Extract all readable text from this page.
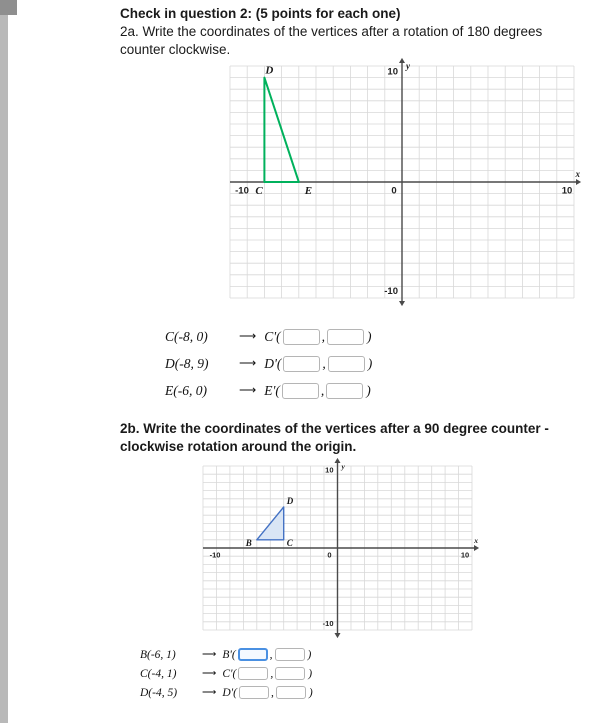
Check in question 2: (5 points for each one)
2a. Write the coordinates of the vertices after a rotation of 180 degrees
counter clockwise.
y
x
-10	0	10
10
-10
C
D
E
C(-8, 0)	⟶ C'(	,	)
D(-8, 9)	⟶ D'(	,	)
E(-6, 0)	⟶ E'(	,	)
2b. Write the coordinates of the vertices after a 90 degree counter -
clockwise rotation around the origin.
y
x
-10	0	10
10
-10
B	C
D
B(-6, 1)	⟶ B'(	,	)
C(-4, 1)	⟶ C'(	,	)
D(-4, 5)	⟶ D'(	,	)
